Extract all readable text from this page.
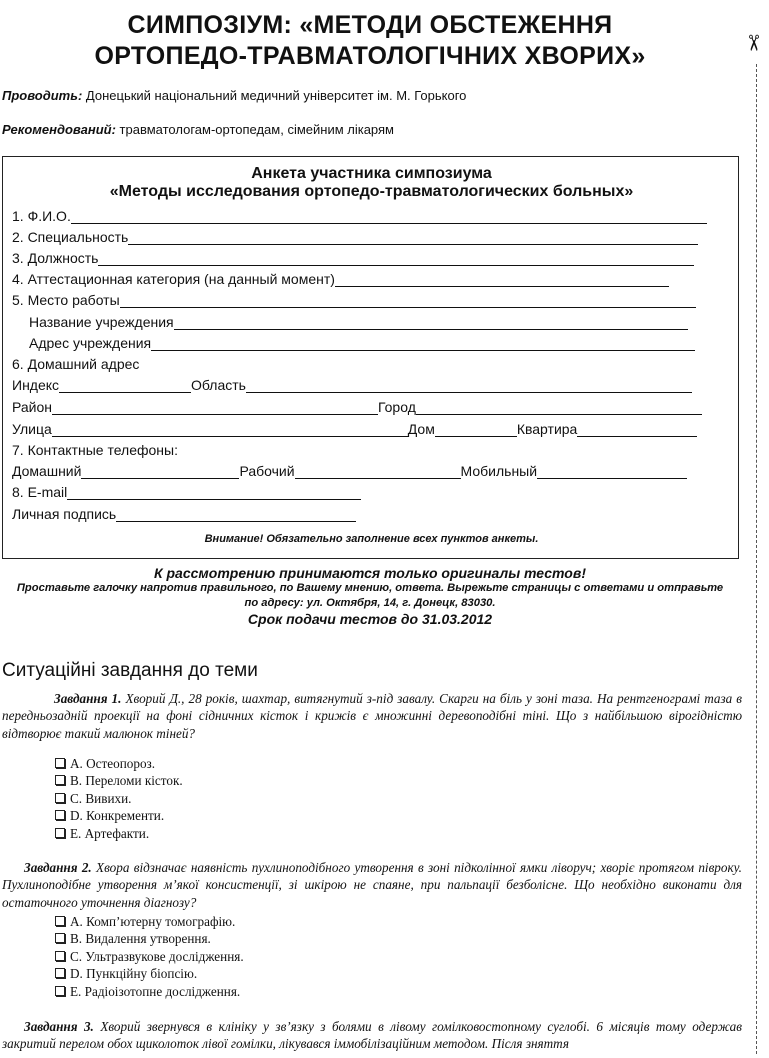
СИМПОЗІУМ: «МЕТОДИ ОБСТЕЖЕННЯ
ОРТОПЕДО-ТРАВМАТОЛОГІЧНИХ ХВОРИХ»	✂
Проводить: Донецький національний медичний університет ім. М. Горького
Рекомендований: травматологам-ортопедам, сімейним лікарям
Анкета участника симпозиума
«Методы исследования ортопедо-травматологических больных»
1. Ф.И.О.
2. Специальность
3. Должность
4. Аттестационная категория (на данный момент)
5. Место работы
Название учреждения
Адрес учреждения
6. Домашний адрес
Индекс	Область
Район	Город
Улица	Дом	Квартира
7. Контактные телефоны:
Домашний	Рабочий	Мобильный
8. E-mail
Личная подпись
Внимание! Обязательно заполнение всех пунктов анкеты.
К рассмотрению принимаются только оригиналы тестов!
Проставьте галочку напротив правильного, по Вашему мнению, ответа. Вырежьте страницы с ответами и отправьте
по адресу: ул. Октября, 14, г. Донецк, 83030.
Срок подачи тестов до 31.03.2012
Ситуаційні завдання до теми
Завдання 1. Хворий Д., 28 років, шахтар, витягнутий з-під завалу. Скарги на біль у зоні таза. На рентгенограмі таза в передньозадній проекції на фоні сідничних кісток і крижів є множинні деревоподібні тіні. Що з найбільшою вірогідністю відтворює такий малюнок тіней?
A. Остеопороз.
B. Переломи кісток.
C. Вивихи.
D. Конкременти.
E. Артефакти.
Завдання 2. Хвора відзначає наявність пухлиноподібного утворення в зоні підколінної ямки ліворуч; хворіє протягом півроку. Пухлиноподібне утворення м’якої консистенції, зі шкірою не спаяне, при пальпації безболісне. Що необхідно виконати для остаточного уточнення діагнозу?
A. Комп’ютерну томографію.
B. Видалення утворення.
C. Ультразвукове дослідження.
D. Пункційну біопсію.
E. Радіоізотопне дослідження.
Завдання 3. Хворий звернувся в клініку у зв’язку з болями в лівому гомілковостопному суглобі. 6 місяців тому одержав закритий перелом обох щиколоток лівої гомілки, лікувався іммобілізаційним методом. Після зняття
